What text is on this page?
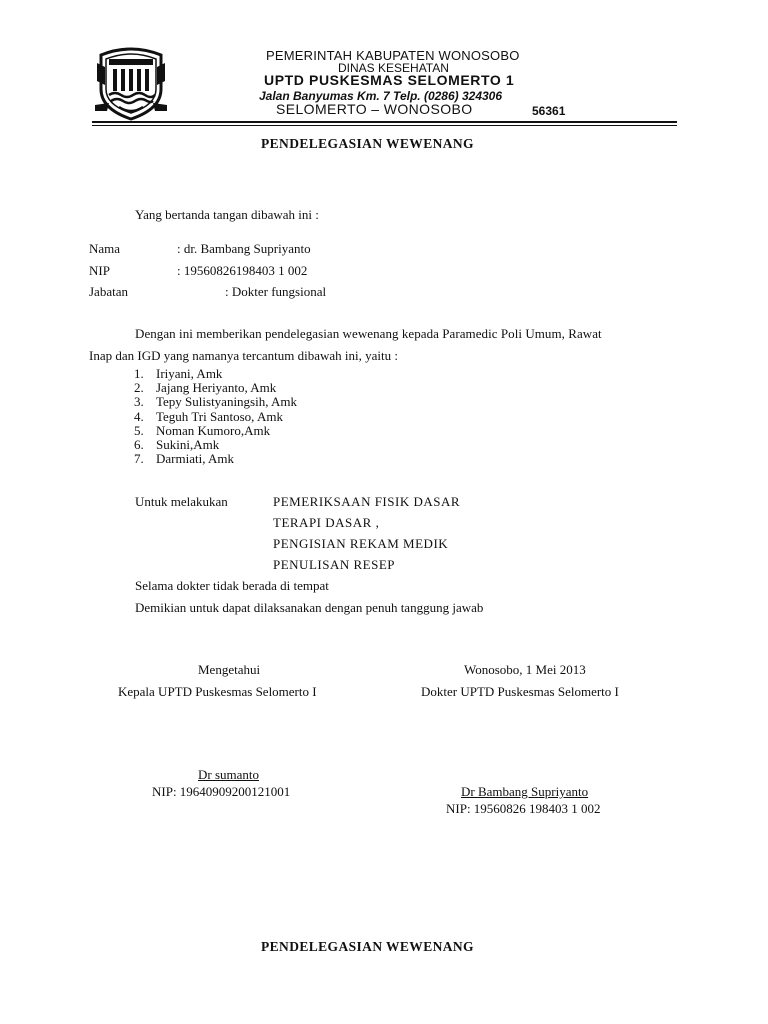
PEMERINTAH KABUPATEN WONOSOBO
DINAS KESEHATAN
UPTD PUSKESMAS SELOMERTO 1
Jalan Banyumas Km. 7 Telp. (0286) 324306
SELOMERTO – WONOSOBO	56361
PENDELEGASIAN WEWENANG
Yang bertanda tangan dibawah ini :
Nama	: dr. Bambang Supriyanto
NIP	: 19560826198403 1 002
Jabatan	: Dokter fungsional
Dengan ini memberikan pendelegasian wewenang kepada Paramedic Poli Umum, Rawat
Inap dan IGD yang namanya tercantum dibawah ini, yaitu :
1. Iriyani, Amk
2. Jajang Heriyanto, Amk
3. Tepy Sulistyaningsih, Amk
4. Teguh Tri Santoso, Amk
5. Noman Kumoro,Amk
6. Sukini,Amk
7. Darmiati, Amk
Untuk melakukan	PEMERIKSAAN FISIK DASAR
TERAPI DASAR ,
PENGISIAN REKAM MEDIK
PENULISAN RESEP
Selama dokter tidak berada di tempat
Demikian untuk dapat dilaksanakan dengan penuh tanggung jawab
Mengetahui
Kepala UPTD Puskesmas Selomerto I
Dr sumanto
NIP: 19640909200121001
Wonosobo, 1 Mei 2013
Dokter UPTD Puskesmas Selomerto I
Dr Bambang Supriyanto
NIP: 19560826 198403 1 002
PENDELEGASIAN WEWENANG
